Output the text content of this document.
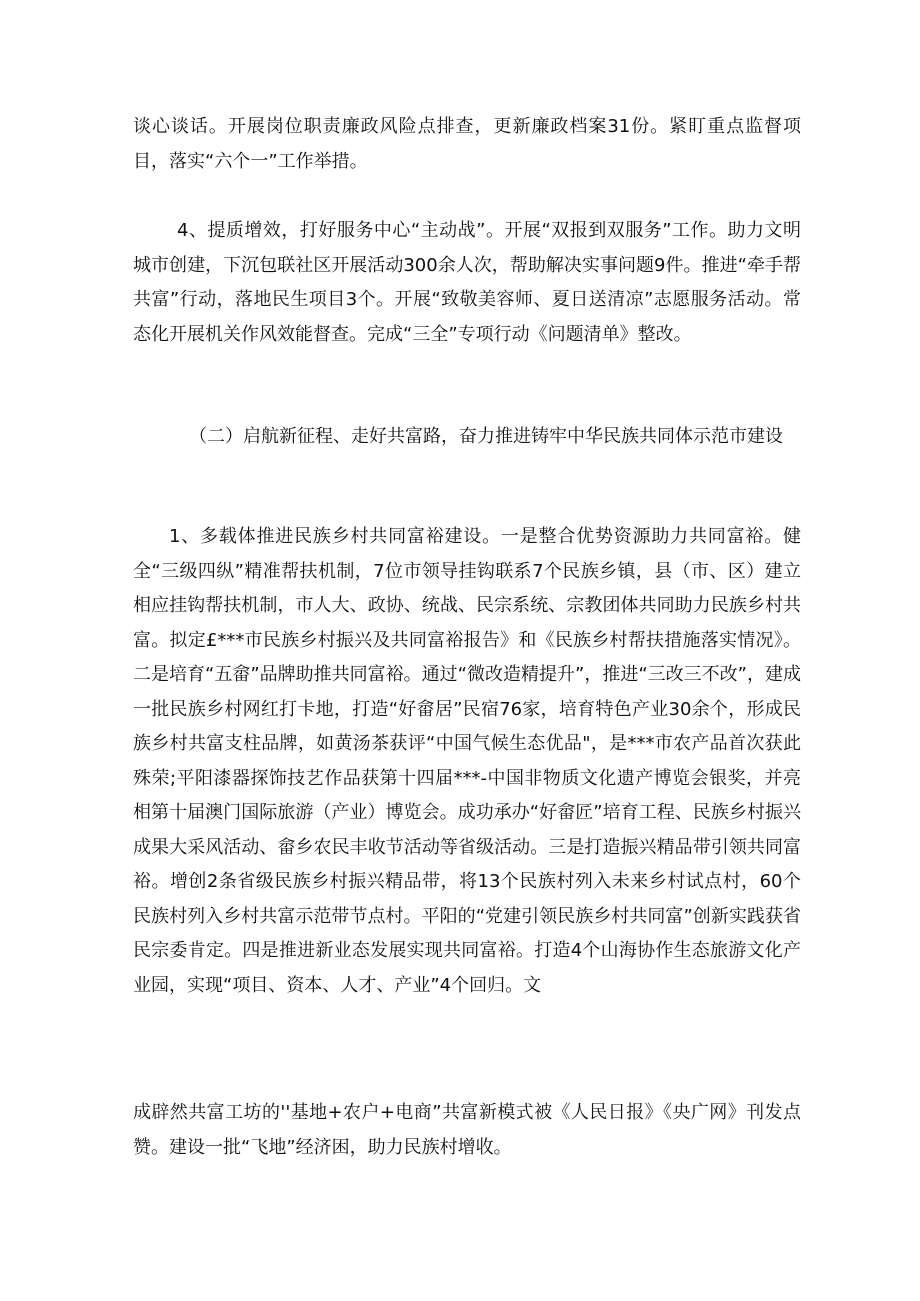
谈心谈话。开展岗位职责廉政风险点排查，更新廉政档案31份。紧盯重点监督项目，落实“六个一”工作举措。

4、提质增效，打好服务中心“主动战”。开展“双报到双服务”工作。助力文明城市创建，下沉包联社区开展活动300余人次，帮助解决实事问题9件。推进“牵手帮共富”行动，落地民生项目3个。开展“致敬美容师、夏日送清凉”志愿服务活动。常态化开展机关作风效能督查。完成“三全”专项行动《问题清单》整改。

（二）启航新征程、走好共富路，奋力推进铸牢中华民族共同体示范市建设

1、多载体推进民族乡村共同富裕建设。一是整合优势资源助力共同富裕。健全“三级四纵”精准帮扶机制，7位市领导挂钩联系7个民族乡镇，县（市、区）建立相应挂钩帮扶机制，市人大、政协、统战、民宗系统、宗教团体共同助力民族乡村共富。拟定£***市民族乡村振兴及共同富裕报告》和《民族乡村帮扶措施落实情况》。二是培育“五畲”品牌助推共同富裕。通过“微改造精提升”，推进“三改三不改”，建成一批民族乡村网红打卡地，打造“好畲居”民宿76家，培育特色产业30余个，形成民族乡村共富支柱品牌，如黄汤茶获评“中国气候生态优品"，是***市农产品首次获此殊荣;平阳漆器探饰技艺作品获第十四届***-中国非物质文化遗产博览会银奖，并亮相第十届澳门国际旅游（产业）博览会。成功承办“好畲匠”培育工程、民族乡村振兴成果大采风活动、畲乡农民丰收节活动等省级活动。三是打造振兴精品带引领共同富裕。增创2条省级民族乡村振兴精品带，将13个民族村列入未来乡村试点村，60个民族村列入乡村共富示范带节点村。平阳的“党建引领民族乡村共同富”创新实践获省民宗委肯定。四是推进新业态发展实现共同富裕。打造4个山海协作生态旅游文化产业园，实现“项目、资本、人才、产业”4个回归。文

成辟然共富工坊的''基地+农户+电商”共富新模式被《人民日报》《央广网》刊发点赞。建设一批“飞地”经济困，助力民族村增收。
